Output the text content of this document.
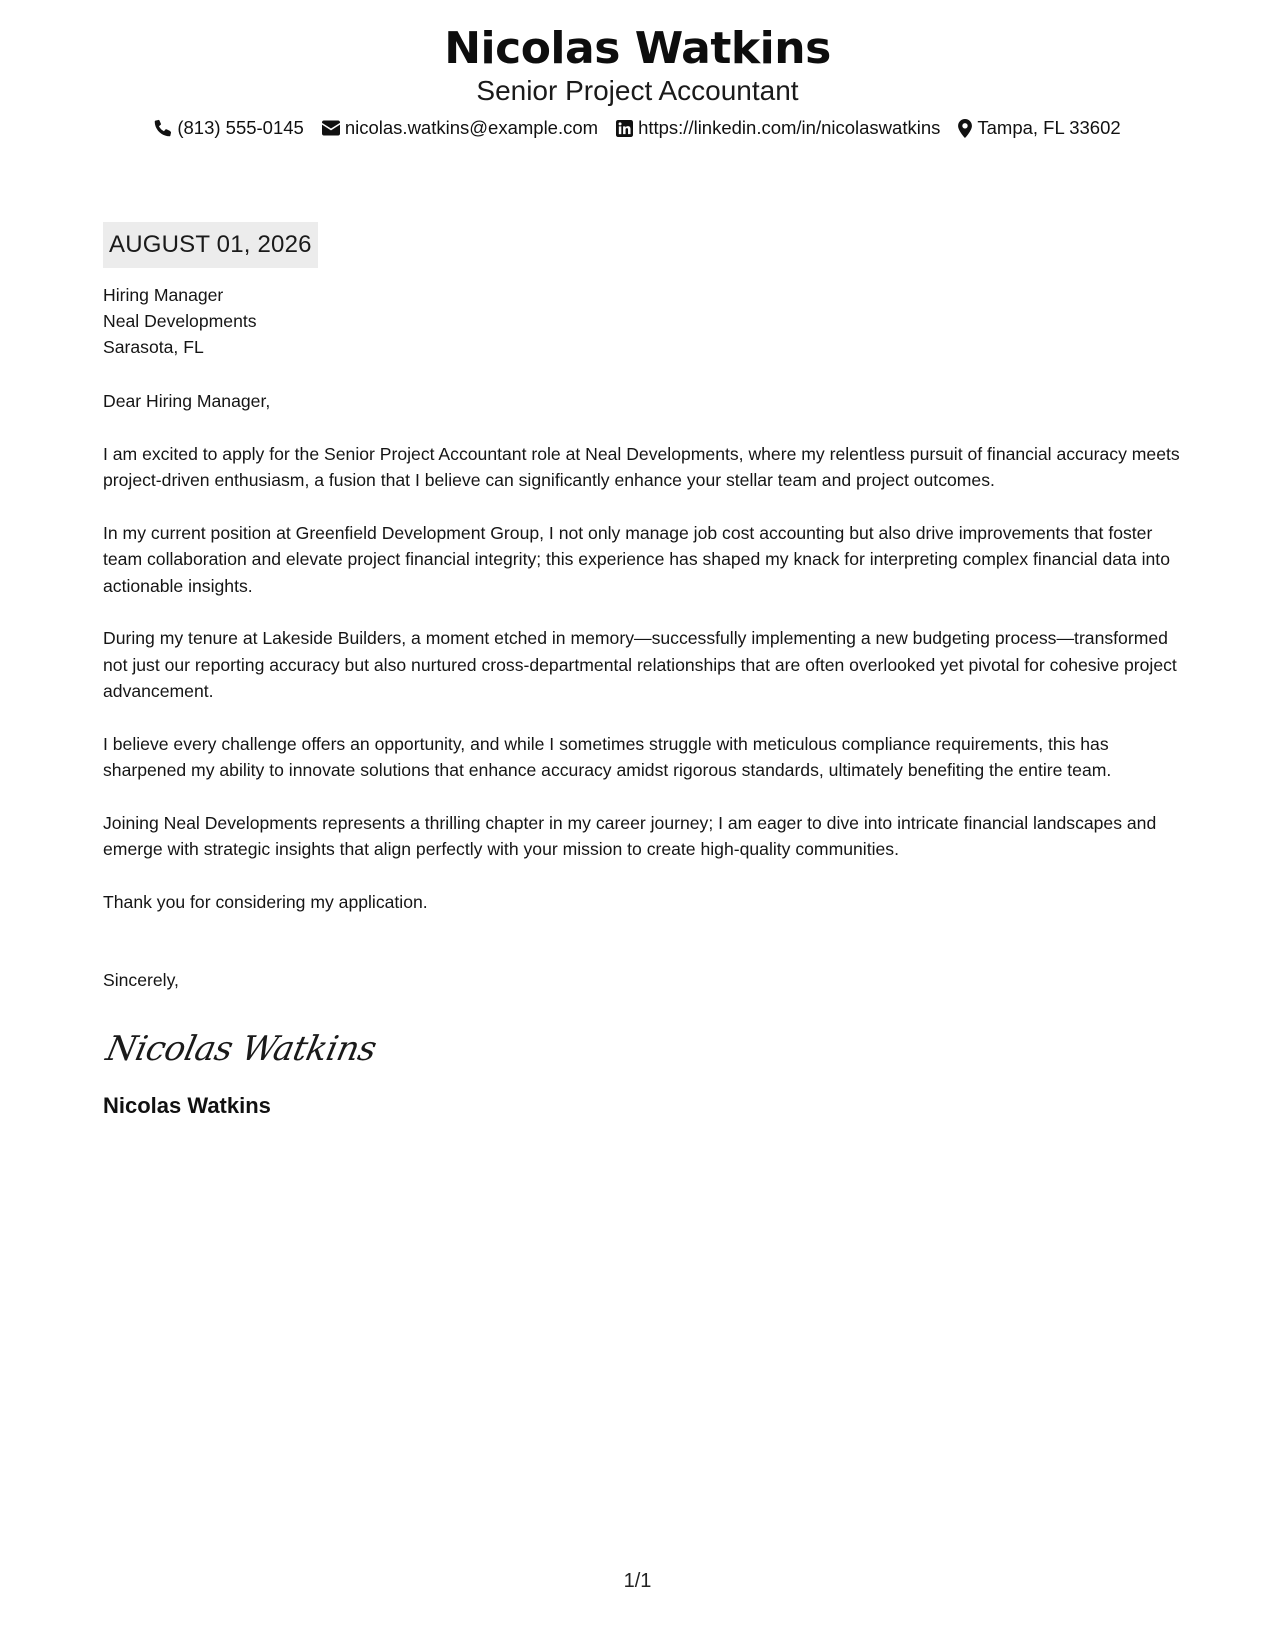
Nicolas Watkins
Senior Project Accountant
(813) 555-0145 nicolas.watkins@example.com https://linkedin.com/in/nicolaswatkins Tampa, FL 33602
AUGUST 01, 2026
Hiring Manager
Neal Developments
Sarasota, FL
Dear Hiring Manager,
I am excited to apply for the Senior Project Accountant role at Neal Developments, where my relentless pursuit of financial accuracy meets project-driven enthusiasm, a fusion that I believe can significantly enhance your stellar team and project outcomes.
In my current position at Greenfield Development Group, I not only manage job cost accounting but also drive improvements that foster team collaboration and elevate project financial integrity; this experience has shaped my knack for interpreting complex financial data into actionable insights.
During my tenure at Lakeside Builders, a moment etched in memory—successfully implementing a new budgeting process—transformed not just our reporting accuracy but also nurtured cross-departmental relationships that are often overlooked yet pivotal for cohesive project advancement.
I believe every challenge offers an opportunity, and while I sometimes struggle with meticulous compliance requirements, this has sharpened my ability to innovate solutions that enhance accuracy amidst rigorous standards, ultimately benefiting the entire team.
Joining Neal Developments represents a thrilling chapter in my career journey; I am eager to dive into intricate financial landscapes and emerge with strategic insights that align perfectly with your mission to create high-quality communities.
Thank you for considering my application.
Sincerely,
Nicolas Watkins
Nicolas Watkins
1/1
